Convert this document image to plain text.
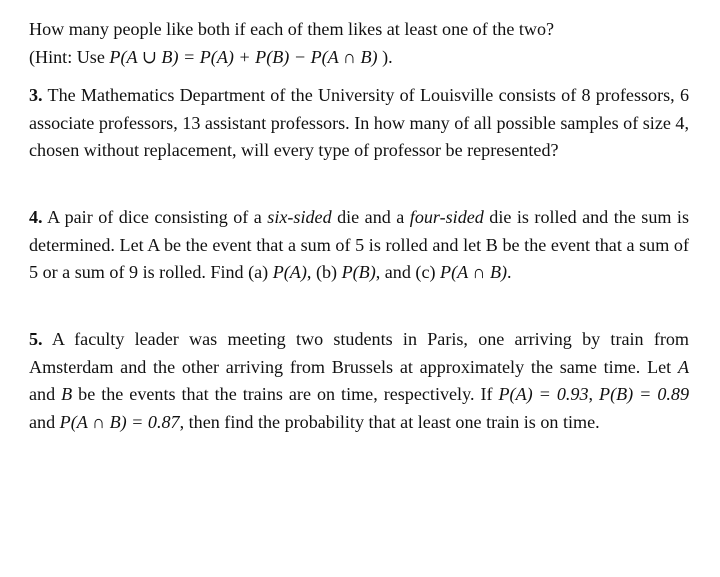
How many people like both if each of them likes at least one of the two?
(Hint: Use P(A ∪ B) = P(A) + P(B) − P(A ∩ B) ).

3. The Mathematics Department of the University of Louisville consists of 8 professors, 6 associate professors, 13 assistant professors. In how many of all possible samples of size 4, chosen without replacement, will every type of professor be represented?

4. A pair of dice consisting of a six-sided die and a four-sided die is rolled and the sum is determined. Let A be the event that a sum of 5 is rolled and let B be the event that a sum of 5 or a sum of 9 is rolled. Find (a) P(A), (b) P(B), and (c) P(A ∩ B).

5. A faculty leader was meeting two students in Paris, one arriving by train from Amsterdam and the other arriving from Brussels at approximately the same time. Let A and B be the events that the trains are on time, respectively. If P(A) = 0.93, P(B) = 0.89 and P(A ∩ B) = 0.87, then find the probability that at least one train is on time.
